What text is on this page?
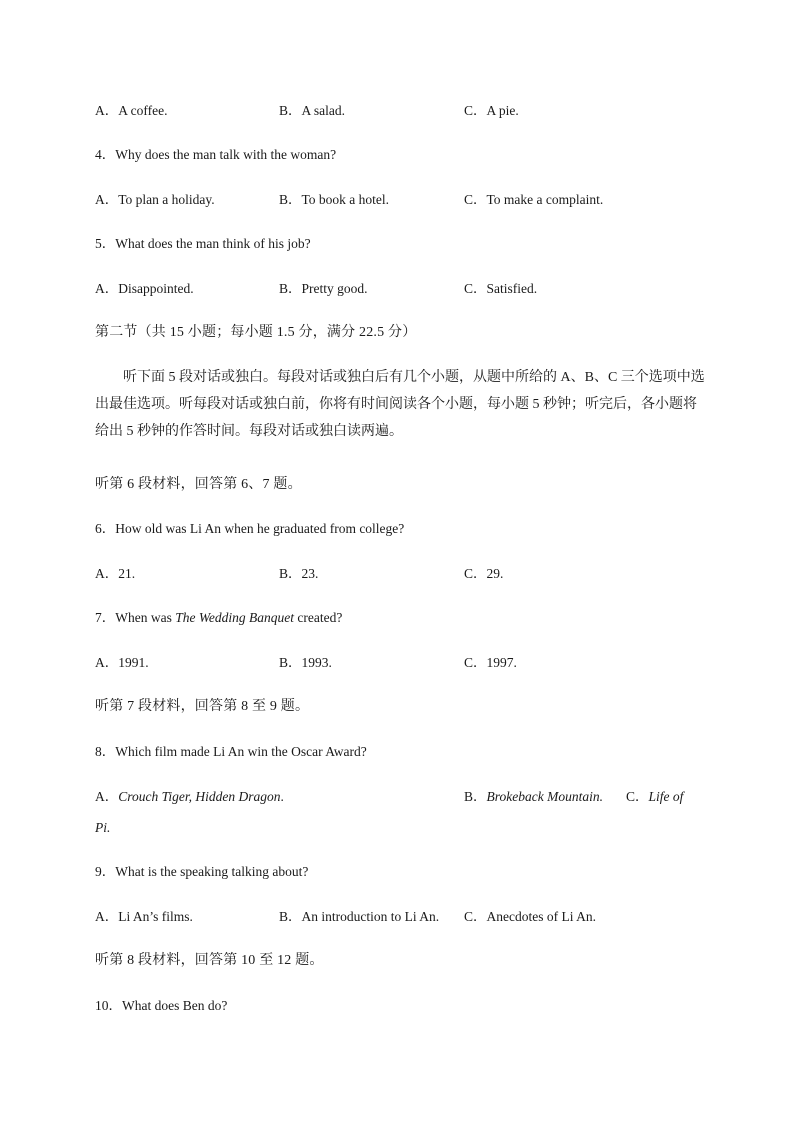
A．A coffee.	B．A salad.	C．A pie.
4．Why does the man talk with the woman?
A．To plan a holiday.	B．To book a hotel.	C．To make a complaint.
5．What does the man think of his job?
A．Disappointed.	B．Pretty good.	C．Satisfied.
第二节（共 15 小题；每小题 1.5 分，满分 22.5 分）
听下面 5 段对话或独白。每段对话或独白后有几个小题，从题中所给的 A、B、C 三个选项中选
出最佳选项。听每段对话或独白前，你将有时间阅读各个小题，每小题 5 秒钟；听完后，各小题将
给出 5 秒钟的作答时间。每段对话或独白读两遍。
听第 6 段材料，回答第 6、7 题。
6．How old was Li An when he graduated from college?
A．21.	B．23.	C．29.
7．When was The Wedding Banquet created?
A．1991.	B．1993.	C．1997.
听第 7 段材料，回答第 8 至 9 题。
8．Which film made Li An win the Oscar Award?
A．Crouch Tiger, Hidden Dragon.	B．Brokeback Mountain. C．Life of
Pi.
9．What is the speaking talking about?
A．Li An’s films.	B．An introduction to Li An. C．Anecdotes of Li An.
听第 8 段材料，回答第 10 至 12 题。
10．What does Ben do?
